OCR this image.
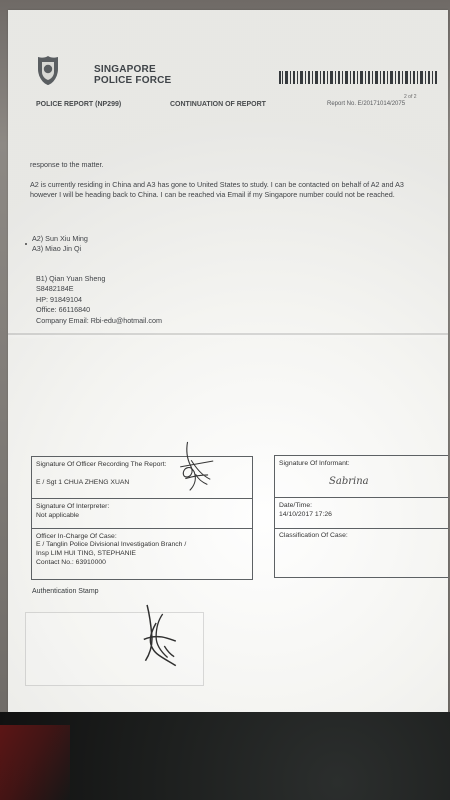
SINGAPORE
POLICE FORCE
2 of 2
POLICE REPORT (NP299)	CONTINUATION OF REPORT	Report No. E/20171014/2075
response to the matter.
A2 is currently residing in China and A3 has gone to United States to study. I can be contacted on behalf of A2 and A3 however I will be heading back to China. I can be reached via Email if my Singapore number could not be reached.
A2) Sun Xiu Ming
A3) Miao Jin Qi
B1) Qian Yuan Sheng
S8482184E
HP: 91849104
Office: 66116840
Company Email: Rbi-edu@hotmail.com
Signature Of Officer Recording The Report:
E / Sgt 1 CHUA ZHENG XUAN
Signature Of Interpreter:
Not applicable
Officer In-Charge Of Case:
E / Tanglin Police Divisional Investigation Branch /
Insp LIM HUI TING, STEPHANIE
Contact No.: 63910000
Signature Of Informant:
Sabrina
Date/Time:
14/10/2017 17:26
Classification Of Case:
Authentication Stamp
